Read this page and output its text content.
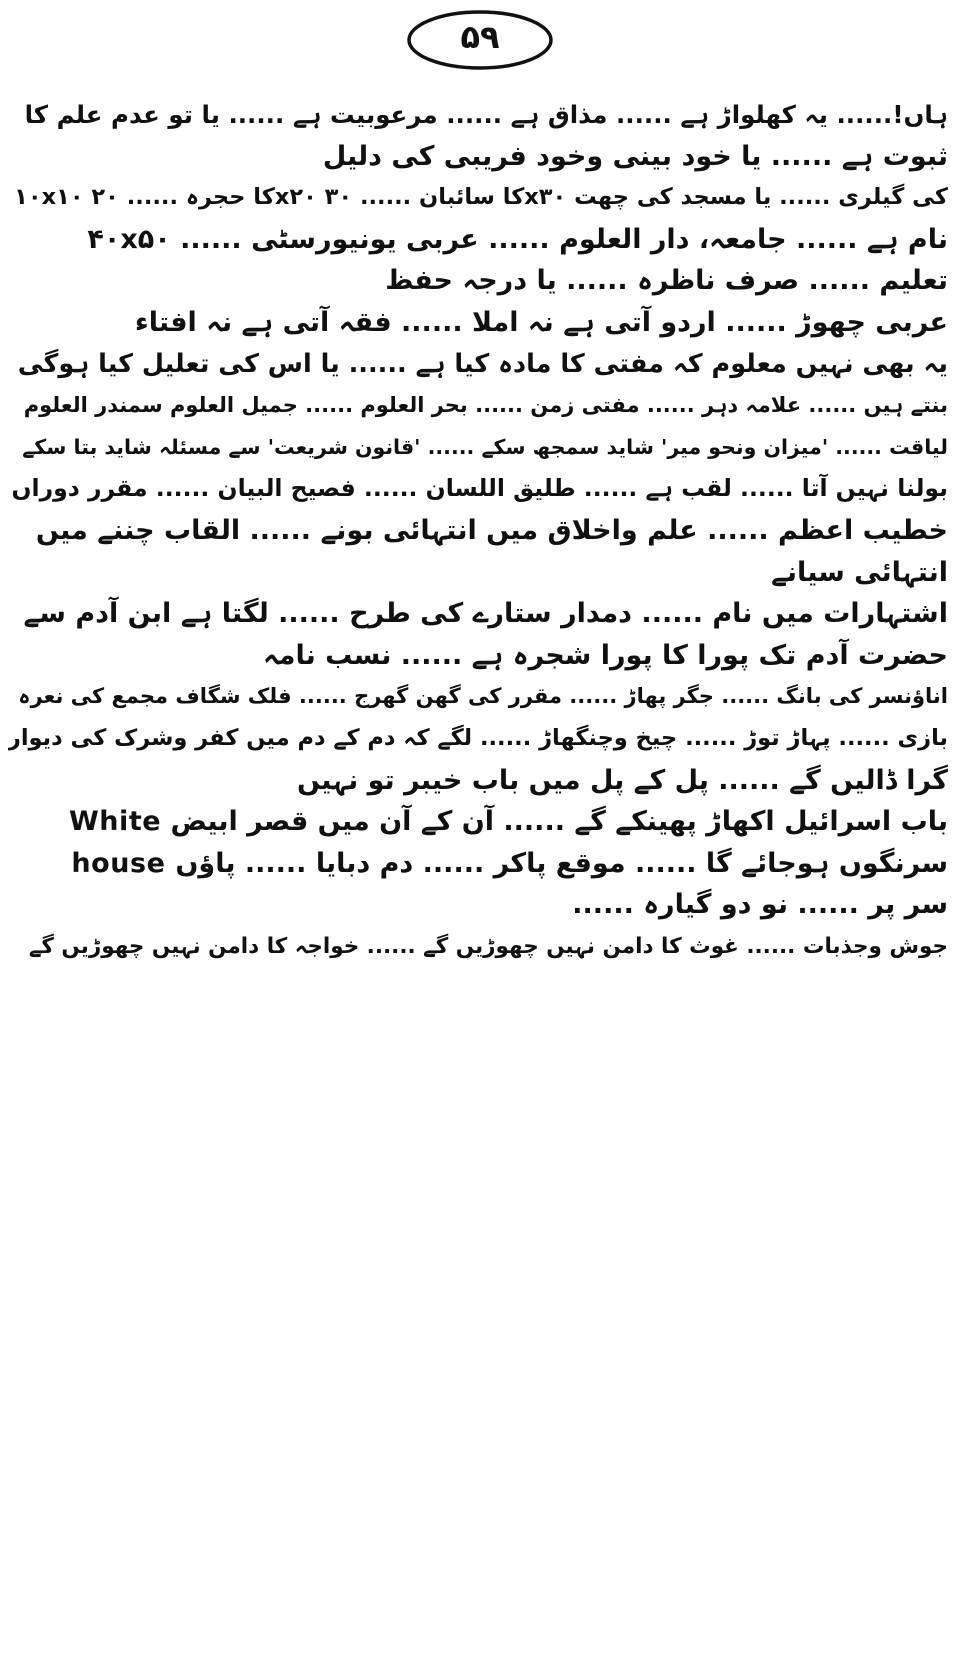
۵۹
ہاں!...... یہ کھلواڑ ہے ...... مذاق ہے ...... مرعوبیت ہے ...... یا تو عدم علم کا
ثبوت ہے ...... یا خود بینی وخود فریبی کی دلیل
۱۰x۱۰ کا حجرہ ...... ۲۰x۲۰ کا سائبان ...... ۳۰x۳۰ کی گیلری ...... یا مسجد کی چھت
۴۰x۵۰ ...... نام ہے ...... جامعہ، دار العلوم ...... عربی یونیورسٹی
تعلیم ...... صرف ناظرہ ...... یا درجہ حفظ
عربی چھوڑ ...... اردو آتی ہے نہ املا ...... فقہ آتی ہے نہ افتاء
یہ بھی نہیں معلوم کہ مفتی کا مادہ کیا ہے ...... یا اس کی تعلیل کیا ہوگی
بنتے ہیں ...... علامہ دہر ...... مفتی زمن ...... بحر العلوم ...... جمیل العلوم سمندر العلوم
لیاقت ...... 'میزان ونحو میر' شاید سمجھ سکے ...... 'قانون شریعت' سے مسئلہ شاید بتا سکے
بولنا نہیں آتا ...... لقب ہے ...... طلیق اللسان ...... فصیح البیان ...... مقرر دوراں
خطیب اعظم ...... علم واخلاق میں انتہائی بونے ...... القاب چننے میں
انتہائی سیانے
اشتہارات میں نام ...... دمدار ستارے کی طرح ...... لگتا ہے ابن آدم سے
حضرت آدم تک پورا کا پورا شجرہ ہے ...... نسب نامہ
اناؤنسر کی بانگ ...... جگر پھاڑ ...... مقرر کی گھن گھرج ...... فلک شگاف مجمع کی نعرہ
بازی ...... پہاڑ توڑ ...... چیخ وچنگھاڑ ...... لگے کہ دم کے دم میں کفر وشرک کی دیوار
گرا ڈالیں گے ...... پل کے پل میں باب خیبر تو نہیں
باب اسرائیل اکھاڑ پھینکے گے ...... آن کے آن میں قصر ابیض White
house سرنگوں ہوجائے گا ...... موقع پاکر ...... دم دبایا ...... پاؤں
سر پر ...... نو دو گیارہ ......
جوش وجذبات ...... غوث کا دامن نہیں چھوڑیں گے ...... خواجہ کا دامن نہیں چھوڑیں گے
